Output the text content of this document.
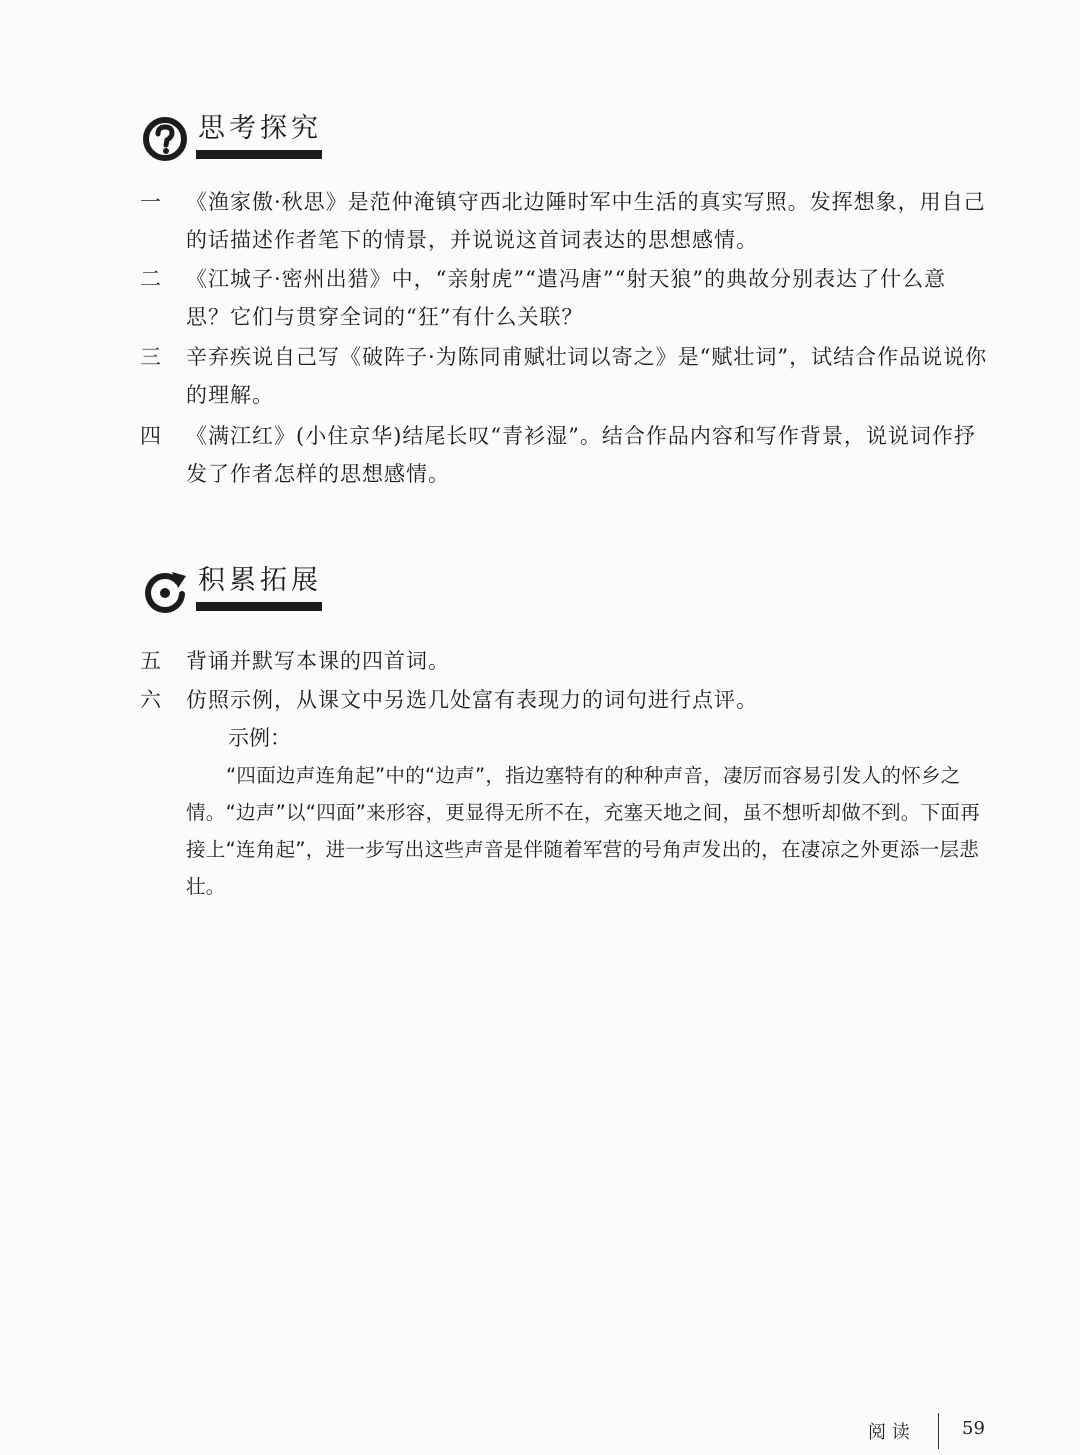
思考探究
一	《渔家傲·秋思》是范仲淹镇守西北边陲时军中生活的真实写照。发挥想象，用自己的话描述作者笔下的情景，并说说这首词表达的思想感情。
二	《江城子·密州出猎》中，“亲射虎”“遣冯唐”“射天狼”的典故分别表达了什么意思？它们与贯穿全词的“狂”有什么关联？
三	辛弃疾说自己写《破阵子·为陈同甫赋壮词以寄之》是“赋壮词”，试结合作品说说你的理解。
四	《满江红》(小住京华)结尾长叹“青衫湿”。结合作品内容和写作背景，说说词作抒发了作者怎样的思想感情。
积累拓展
五	背诵并默写本课的四首词。
六	仿照示例，从课文中另选几处富有表现力的词句进行点评。
示例：
“四面边声连角起”中的“边声”，指边塞特有的种种声音，凄厉而容易引发人的怀乡之情。“边声”以“四面”来形容，更显得无所不在，充塞天地之间，虽不想听却做不到。下面再接上“连角起”，进一步写出这些声音是伴随着军营的号角声发出的，在凄凉之外更添一层悲壮。
阅 读	59
